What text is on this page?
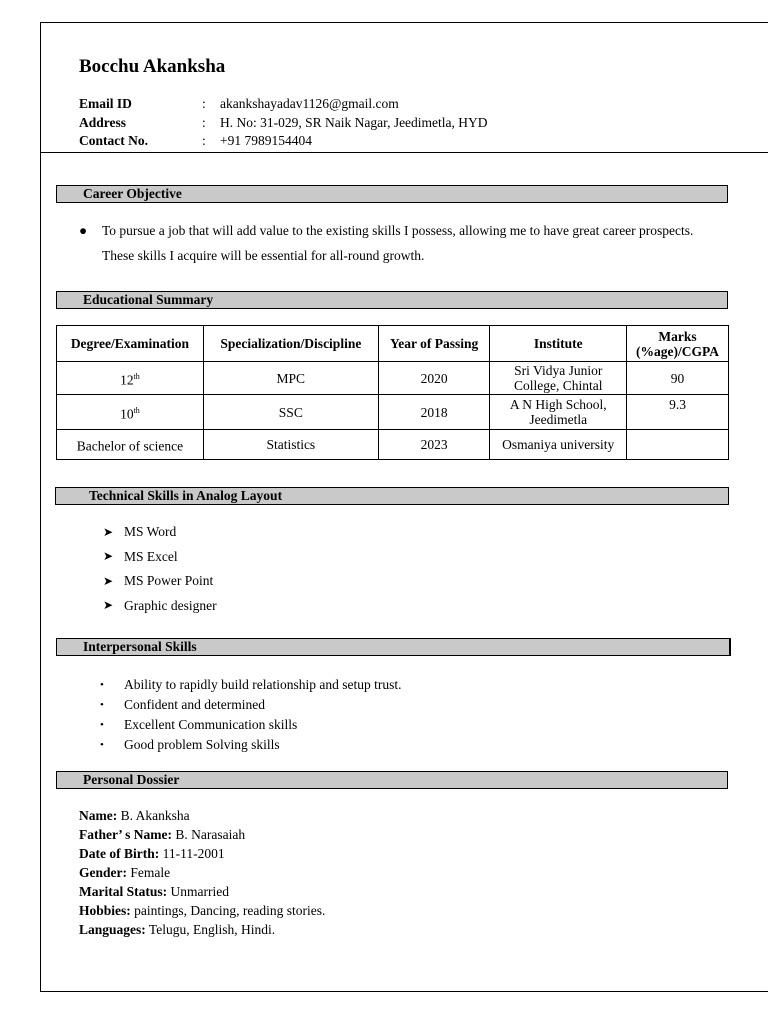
Bocchu Akanksha
Email ID	:	akankshayadav1126@gmail.com
Address	:	H. No: 31-029, SR Naik Nagar, Jeedimetla, HYD
Contact No.	:	+91 7989154404
Career Objective
● To pursue a job that will add value to the existing skills I possess, allowing me to have great career prospects. These skills I acquire will be essential for all-round growth.
Educational Summary
Degree/Examination	Specialization/Discipline	Year of Passing	Institute	Marks (%age)/CGPA
12th	MPC	2020	Sri Vidya Junior College, Chintal	90
10th	SSC	2018	A N High School, Jeedimetla	9.3
Bachelor of science	Statistics	2023	Osmaniya university	
Technical Skills in Analog Layout
➤ MS Word
➤ MS Excel
➤ MS Power Point
➤ Graphic designer
Interpersonal Skills
•	Ability to rapidly build relationship and setup trust.
•	Confident and determined
•	Excellent Communication skills
•	Good problem Solving skills
Personal Dossier
Name: B. Akanksha
Father’ s Name: B. Narasaiah
Date of Birth: 11-11-2001
Gender: Female
Marital Status: Unmarried
Hobbies: paintings, Dancing, reading stories.
Languages: Telugu, English, Hindi.
